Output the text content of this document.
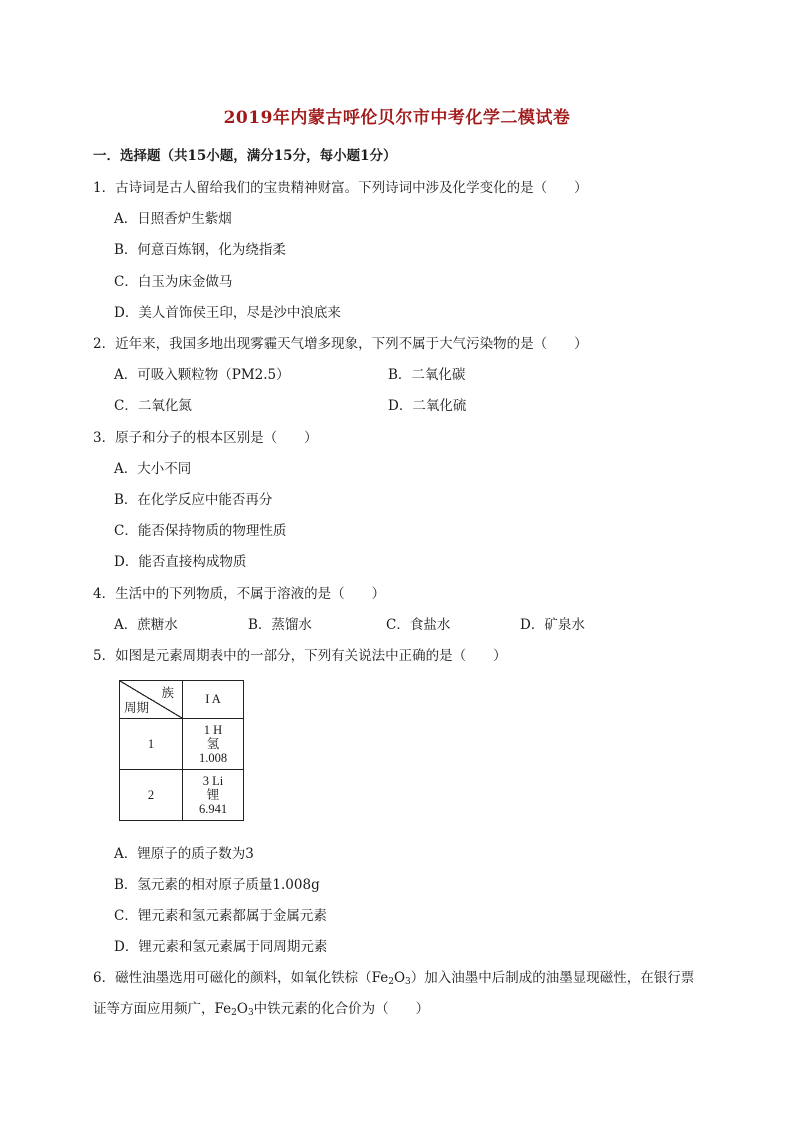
2019年内蒙古呼伦贝尔市中考化学二模试卷
一．选择题（共15小题，满分15分，每小题1分）
1．古诗词是古人留给我们的宝贵精神财富。下列诗词中涉及化学变化的是（　　）
A．日照香炉生紫烟
B．何意百炼钢，化为绕指柔
C．白玉为床金做马
D．美人首饰侯王印，尽是沙中浪底来
2．近年来，我国多地出现雾霾天气增多现象，下列不属于大气污染物的是（　　）
A．可吸入颗粒物（PM2.5）	B．二氧化碳
C．二氧化氮	D．二氧化硫
3．原子和分子的根本区别是（　　）
A．大小不同
B．在化学反应中能否再分
C．能否保持物质的物理性质
D．能否直接构成物质
4．生活中的下列物质，不属于溶液的是（　　）
A．蔗糖水	B．蒸馏水	C．食盐水	D．矿泉水
5．如图是元素周期表中的一部分，下列有关说法中正确的是（　　）
族
周期	I A
1	1 H
氢
1.008

2	3 Li
锂
6.941
A．锂原子的质子数为3
B．氢元素的相对原子质量1.008g
C．锂元素和氢元素都属于金属元素
D．锂元素和氢元素属于同周期元素
6．磁性油墨选用可磁化的颜料，如氧化铁棕$(Fe_2O_3)$加入油墨中后制成的油墨显现磁性，在银行票
证等方面应用频广，$Fe_2O_3$中铁元素的化合价为（　　）
